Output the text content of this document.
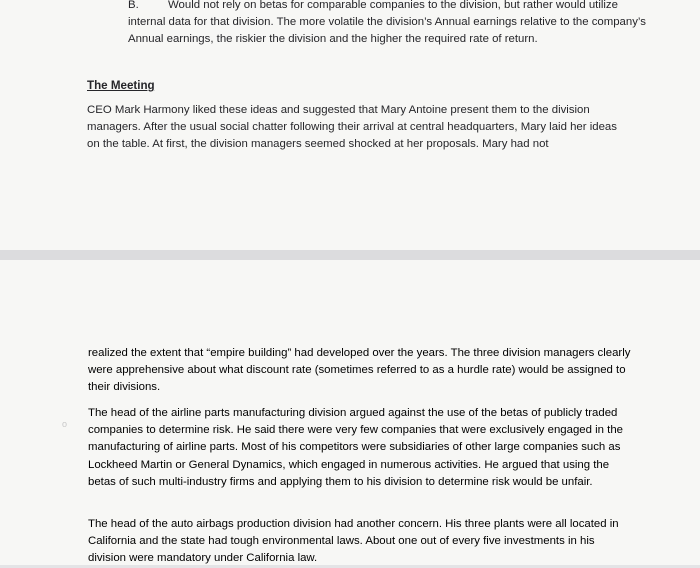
B.	Would not rely on betas for comparable companies to the division, but rather would utilize internal data for that division. The more volatile the division’s Annual earnings relative to the company’s Annual earnings, the riskier the division and the higher the required rate of return.

The Meeting

CEO Mark Harmony liked these ideas and suggested that Mary Antoine present them to the division managers. After the usual social chatter following their arrival at central headquarters, Mary laid her ideas on the table. At first, the division managers seemed shocked at her proposals. Mary had not

realized the extent that “empire building” had developed over the years. The three division managers clearly were apprehensive about what discount rate (sometimes referred to as a hurdle rate) would be assigned to their divisions.

o

The head of the airline parts manufacturing division argued against the use of the betas of publicly traded companies to determine risk. He said there were very few companies that were exclusively engaged in the manufacturing of airline parts. Most of his competitors were subsidiaries of other large companies such as Lockheed Martin or General Dynamics, which engaged in numerous activities. He argued that using the betas of such multi-industry firms and applying them to his division to determine risk would be unfair.

The head of the auto airbags production division had another concern. His three plants were all located in California and the state had tough environmental laws. About one out of every five investments in his division were mandatory under California law.
